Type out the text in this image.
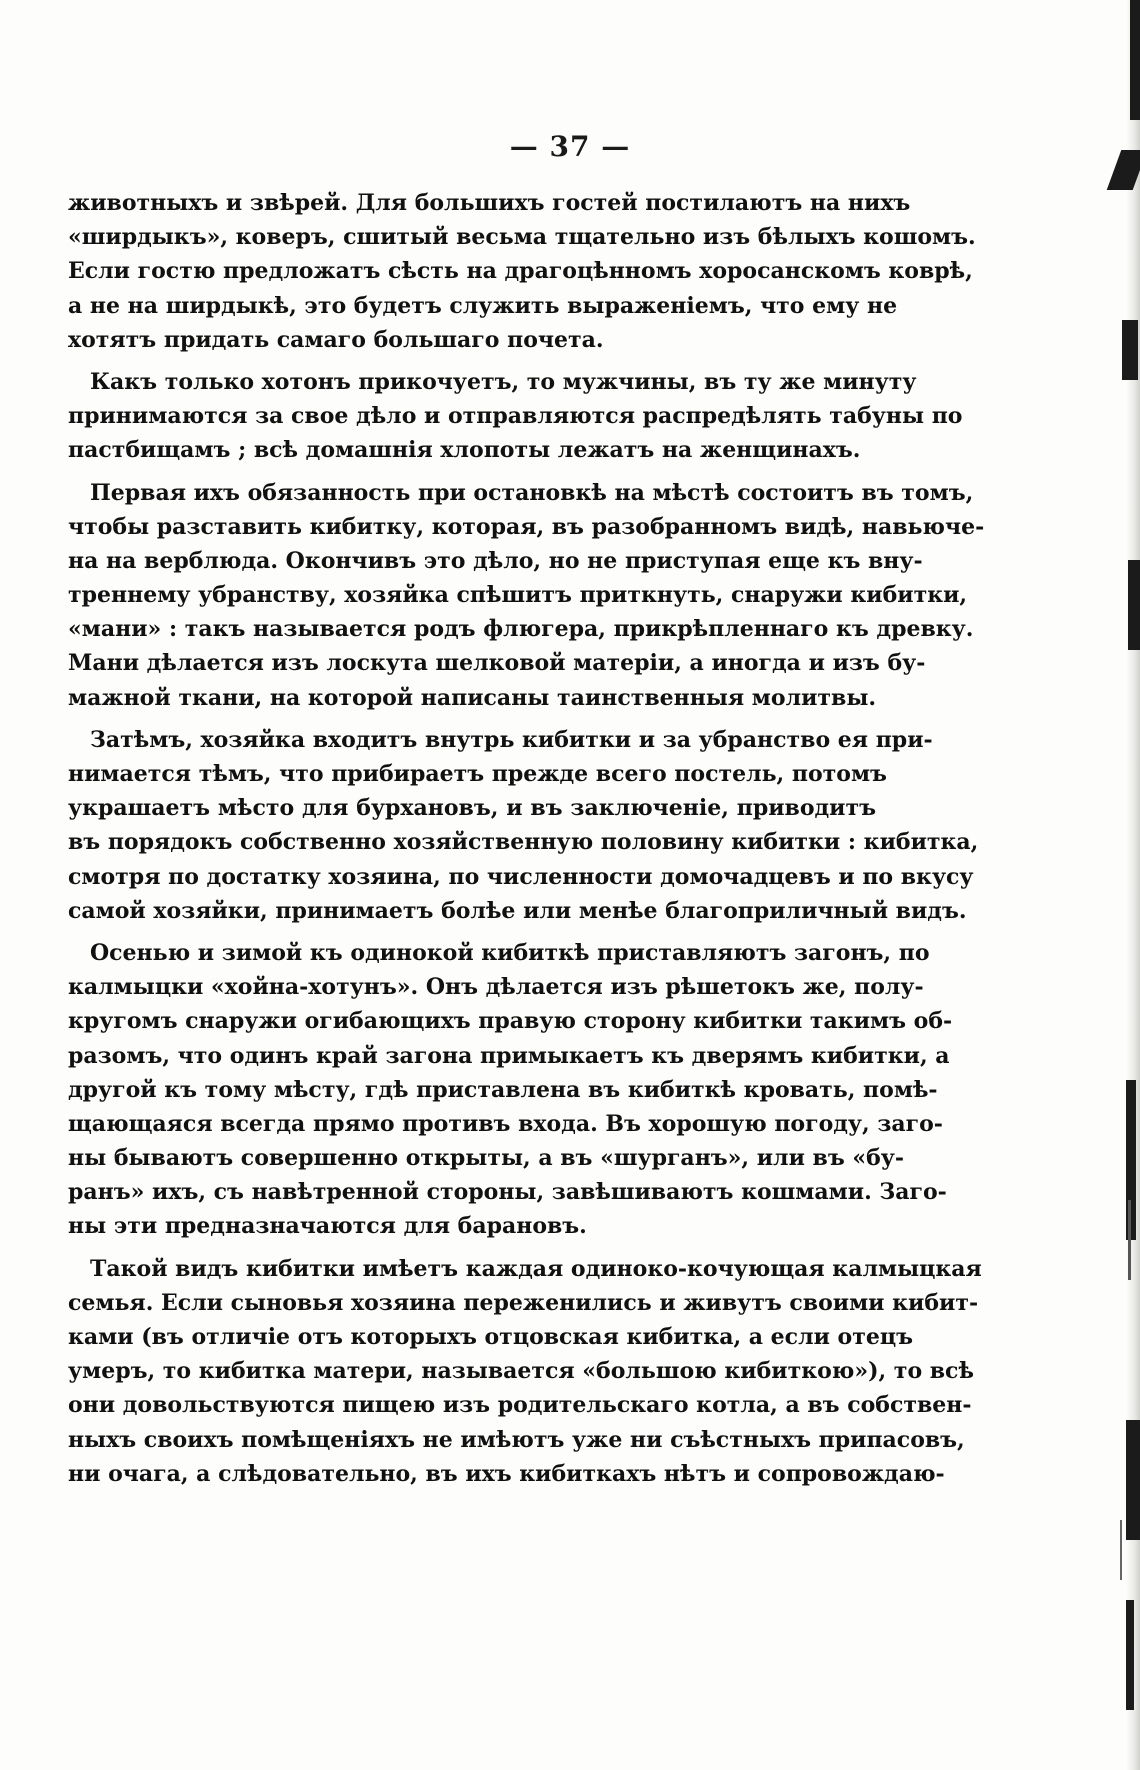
— 37 —
животныхъ и звѣрей. Для большихъ гостей постилаютъ на нихъ
«ширдыкъ», коверъ, сшитый весьма тщательно изъ бѣлыхъ кошомъ.
Если гостю предложатъ сѣсть на драгоцѣнномъ хоросанскомъ коврѣ,
а не на ширдыкѣ, это будетъ служить выраженіемъ, что ему не
хотятъ придать самаго большаго почета.
Какъ только хотонъ прикочуетъ, то мужчины, въ ту же минуту
принимаются за свое дѣло и отправляются распредѣлять табуны по
пастбищамъ ; всѣ домашнія хлопоты лежатъ на женщинахъ.
Первая ихъ обязанность при остановкѣ на мѣстѣ состоитъ въ томъ,
чтобы разставить кибитку, которая, въ разобранномъ видѣ, навьюче-
на на верблюда. Окончивъ это дѣло, но не приступая еще къ вну-
треннему убранству, хозяйка спѣшитъ приткнуть, снаружи кибитки,
«мани» : такъ называется родъ флюгера, прикрѣпленнаго къ древку.
Мани дѣлается изъ лоскута шелковой матеріи, а иногда и изъ бу-
мажной ткани, на которой написаны таинственныя молитвы.
Затѣмъ, хозяйка входитъ внутрь кибитки и за убранство ея при-
нимается тѣмъ, что прибираетъ прежде всего постель, потомъ
украшаетъ мѣсто для бурхановъ, и въ заключеніе, приводитъ
въ порядокъ собственно хозяйственную половину кибитки : кибитка,
смотря по достатку хозяина, по численности домочадцевъ и по вкусу
самой хозяйки, принимаетъ болѣе или менѣе благоприличный видъ.
Осенью и зимой къ одинокой кибиткѣ приставляютъ загонъ, по
калмыцки «хойна-хотунъ». Онъ дѣлается изъ рѣшетокъ же, полу-
кругомъ снаружи огибающихъ правую сторону кибитки такимъ об-
разомъ, что одинъ край загона примыкаетъ къ дверямъ кибитки, а
другой къ тому мѣсту, гдѣ приставлена въ кибиткѣ кровать, помѣ-
щающаяся всегда прямо противъ входа. Въ хорошую погоду, заго-
ны бываютъ совершенно открыты, а въ «шурганъ», или въ «бу-
ранъ» ихъ, съ навѣтренной стороны, завѣшиваютъ кошмами. Заго-
ны эти предназначаются для барановъ.
Такой видъ кибитки имѣетъ каждая одиноко-кочующая калмыцкая
семья. Если сыновья хозяина переженились и живутъ своими кибит-
ками (въ отличіе отъ которыхъ отцовская кибитка, а если отецъ
умеръ, то кибитка матери, называется «большою кибиткою»), то всѣ
они довольствуются пищею изъ родительскаго котла, а въ собствен-
ныхъ своихъ помѣщеніяхъ не имѣютъ уже ни съѣстныхъ припасовъ,
ни очага, а слѣдовательно, въ ихъ кибиткахъ нѣтъ и сопровождаю-
